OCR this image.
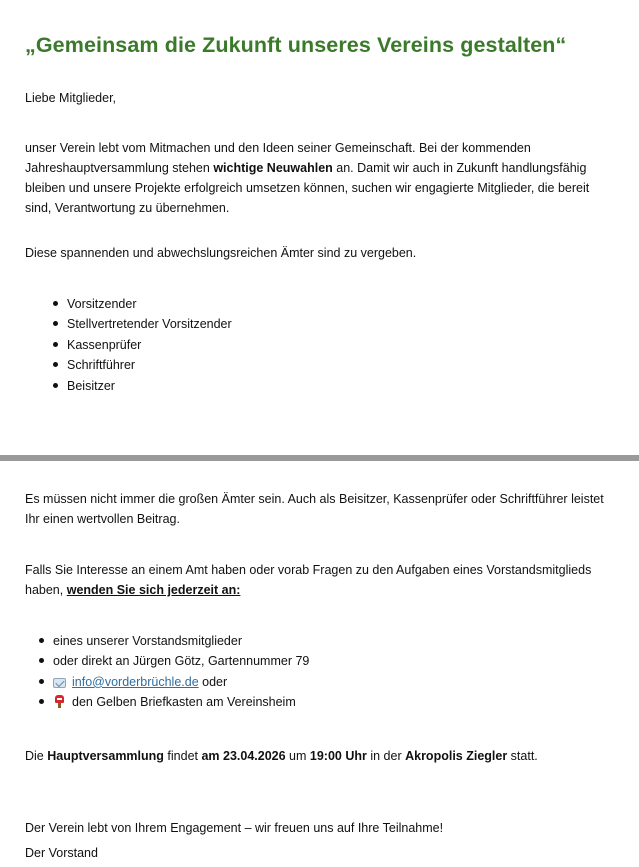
„Gemeinsam die Zukunft unseres Vereins gestalten“

Liebe Mitglieder,

unser Verein lebt vom Mitmachen und den Ideen seiner Gemeinschaft. Bei der kommenden Jahreshauptversammlung stehen wichtige Neuwahlen an. Damit wir auch in Zukunft handlungsfähig bleiben und unsere Projekte erfolgreich umsetzen können, suchen wir engagierte Mitglieder, die bereit sind, Verantwortung zu übernehmen.

Diese spannenden und abwechslungsreichen Ämter sind zu vergeben.

Vorsitzender
Stellvertretender Vorsitzender
Kassenprüfer
Schriftführer
Beisitzer

Es müssen nicht immer die großen Ämter sein. Auch als Beisitzer, Kassenprüfer oder Schriftführer leistet Ihr einen wertvollen Beitrag.

Falls Sie Interesse an einem Amt haben oder vorab Fragen zu den Aufgaben eines Vorstandsmitglieds haben, wenden Sie sich jederzeit an:

eines unserer Vorstandsmitglieder
oder direkt an Jürgen Götz, Gartennummer 79
info@vorderbrüchle.de oder
den Gelben Briefkasten am Vereinsheim

Die Hauptversammlung findet am 23.04.2026 um 19:00 Uhr in der Akropolis Ziegler statt.

Der Verein lebt von Ihrem Engagement – wir freuen uns auf Ihre Teilnahme!

Der Vorstand
